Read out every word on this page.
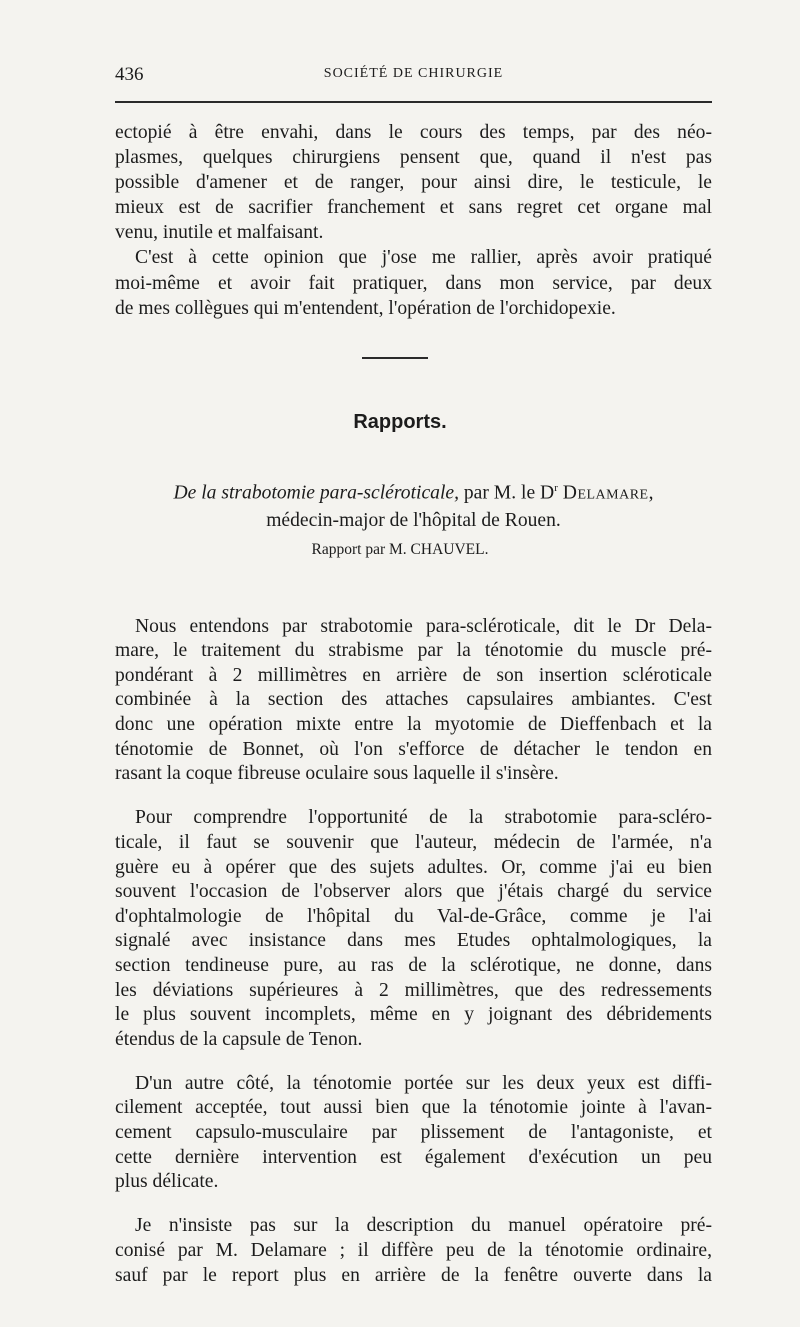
436	SOCIÉTÉ DE CHIRURGIE

ectopié à être envahi, dans le cours des temps, par des néo-
plasmes, quelques chirurgiens pensent que, quand il n'est pas
possible d'amener et de ranger, pour ainsi dire, le testicule, le
mieux est de sacrifier franchement et sans regret cet organe mal
venu, inutile et malfaisant.

C'est à cette opinion que j'ose me rallier, après avoir pratiqué
moi-même et avoir fait pratiquer, dans mon service, par deux
de mes collègues qui m'entendent, l'opération de l'orchidopexie.

Rapports.
De la strabotomie para-scléroticale, par M. le $D^r$ Delamare,
médecin-major de l'hôpital de Rouen.
Rapport par M. CHAUVEL.

Nous entendons par strabotomie para-scléroticale, dit le Dr Dela-
mare, le traitement du strabisme par la ténotomie du muscle pré-
pondérant à 2 millimètres en arrière de son insertion scléroticale
combinée à la section des attaches capsulaires ambiantes. C'est
donc une opération mixte entre la myotomie de Dieffenbach et la
ténotomie de Bonnet, où l'on s'efforce de détacher le tendon en
rasant la coque fibreuse oculaire sous laquelle il s'insère.

Pour comprendre l'opportunité de la strabotomie para-scléro-
ticale, il faut se souvenir que l'auteur, médecin de l'armée, n'a
guère eu à opérer que des sujets adultes. Or, comme j'ai eu bien
souvent l'occasion de l'observer alors que j'étais chargé du service
d'ophtalmologie de l'hôpital du Val-de-Grâce, comme je l'ai
signalé avec insistance dans mes Etudes ophtalmologiques, la
section tendineuse pure, au ras de la sclérotique, ne donne, dans
les déviations supérieures à 2 millimètres, que des redressements
le plus souvent incomplets, même en y joignant des débridements
étendus de la capsule de Tenon.

D'un autre côté, la ténotomie portée sur les deux yeux est diffi-
cilement acceptée, tout aussi bien que la ténotomie jointe à l'avan-
cement capsulo-musculaire par plissement de l'antagoniste, et
cette dernière intervention est également d'exécution un peu
plus délicate.

Je n'insiste pas sur la description du manuel opératoire pré-
conisé par M. Delamare ; il diffère peu de la ténotomie ordinaire,
sauf par le report plus en arrière de la fenêtre ouverte dans la
